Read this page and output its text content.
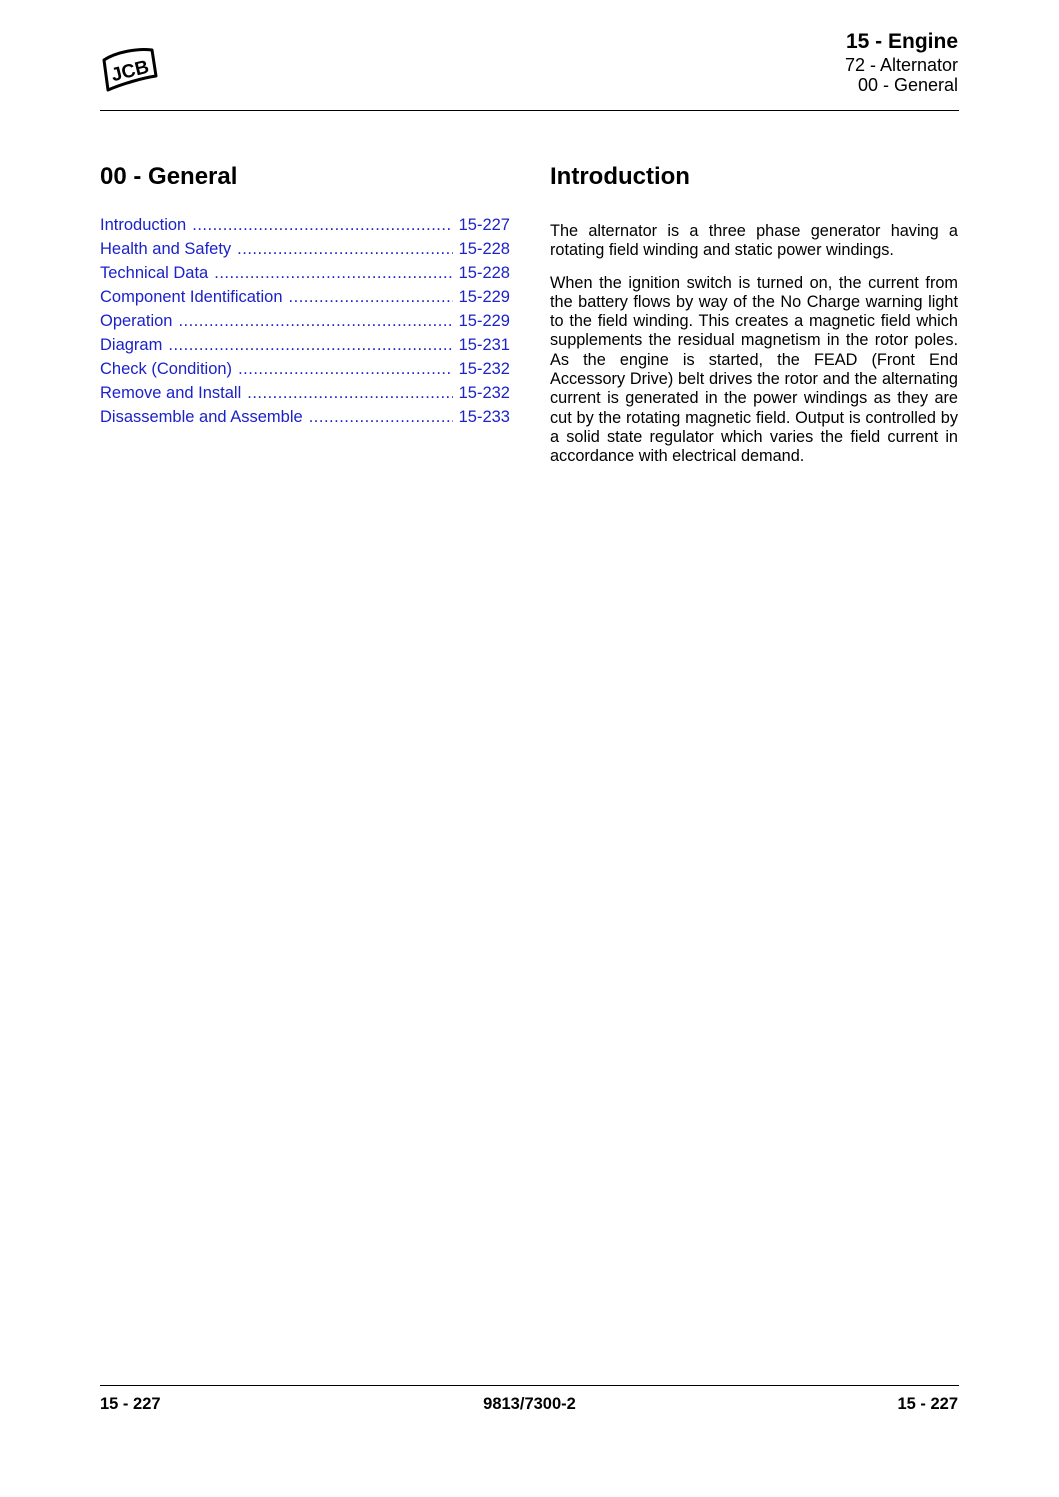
JCB
15 - Engine
72 - Alternator
00 - General
00 - General
Introduction .....	15-227
Health and Safety .....	15-228
Technical Data .....	15-228
Component Identification .....	15-229
Operation .....	15-229
Diagram .....	15-231
Check (Condition) .....	15-232
Remove and Install .....	15-232
Disassemble and Assemble .....	15-233
Introduction

The alternator is a three phase generator having a rotating field winding and static power windings.

When the ignition switch is turned on, the current from the battery flows by way of the No Charge warning light to the field winding. This creates a magnetic field which supplements the residual magnetism in the rotor poles. As the engine is started, the FEAD (Front End Accessory Drive) belt drives the rotor and the alternating current is generated in the power windings as they are cut by the rotating magnetic field. Output is controlled by a solid state regulator which varies the field current in accordance with electrical demand.

15 - 227	9813/7300-2	15 - 227
